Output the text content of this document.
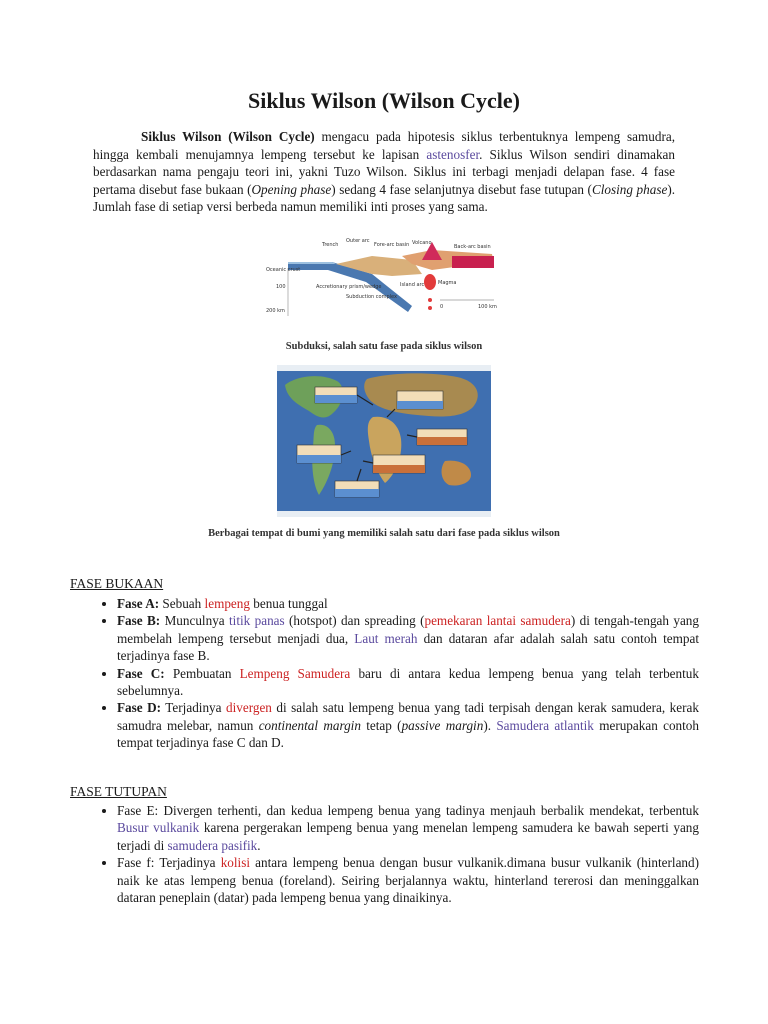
Siklus Wilson (Wilson Cycle)

Siklus Wilson (Wilson Cycle) mengacu pada hipotesis siklus terbentuknya lempeng samudra, hingga kembali menujamnya lempeng tersebut ke lapisan astenosfer. Siklus Wilson sendiri dinamakan berdasarkan nama pengaju teori ini, yakni Tuzo Wilson. Siklus ini terbagi menjadi delapan fase. 4 fase pertama disebut fase bukaan (Opening phase) sedang 4 fase selanjutnya disebut fase tutupan (Closing phase). Jumlah fase di setiap versi berbeda namun memiliki inti proses yang sama.

Oceanic crust
Trench
Outer arc
Fore-arc basin Volcano
Back-arc basin
Accretionary prism/wedge
Subduction complex
Island arc	Magma
100
200 km
0	100 km

Subduksi, salah satu fase pada siklus wilson

Berbagai tempat di bumi yang memiliki salah satu dari fase pada siklus wilson

FASE BUKAAN

• Fase A: Sebuah lempeng benua tunggal
• Fase B: Munculnya titik panas (hotspot) dan spreading (pemekaran lantai samudera) di tengah-tengah yang membelah lempeng tersebut menjadi dua, Laut merah dan dataran afar adalah salah satu contoh tempat terjadinya fase B.
• Fase C: Pembuatan Lempeng Samudera baru di antara kedua lempeng benua yang telah terbentuk sebelumnya.
• Fase D: Terjadinya divergen di salah satu lempeng benua yang tadi terpisah dengan kerak samudera, kerak samudra melebar, namun continental margin tetap (passive margin). Samudera atlantik merupakan contoh tempat terjadinya fase C dan D.

FASE TUTUPAN

• Fase E: Divergen terhenti, dan kedua lempeng benua yang tadinya menjauh berbalik mendekat, terbentuk Busur vulkanik karena pergerakan lempeng benua yang menelan lempeng samudera ke bawah seperti yang terjadi di samudera pasifik.
• Fase f: Terjadinya kolisi antara lempeng benua dengan busur vulkanik.dimana busur vulkanik (hinterland) naik ke atas lempeng benua (foreland). Seiring berjalannya waktu, hinterland tererosi dan meninggalkan dataran peneplain (datar) pada lempeng benua yang dinaikinya.
